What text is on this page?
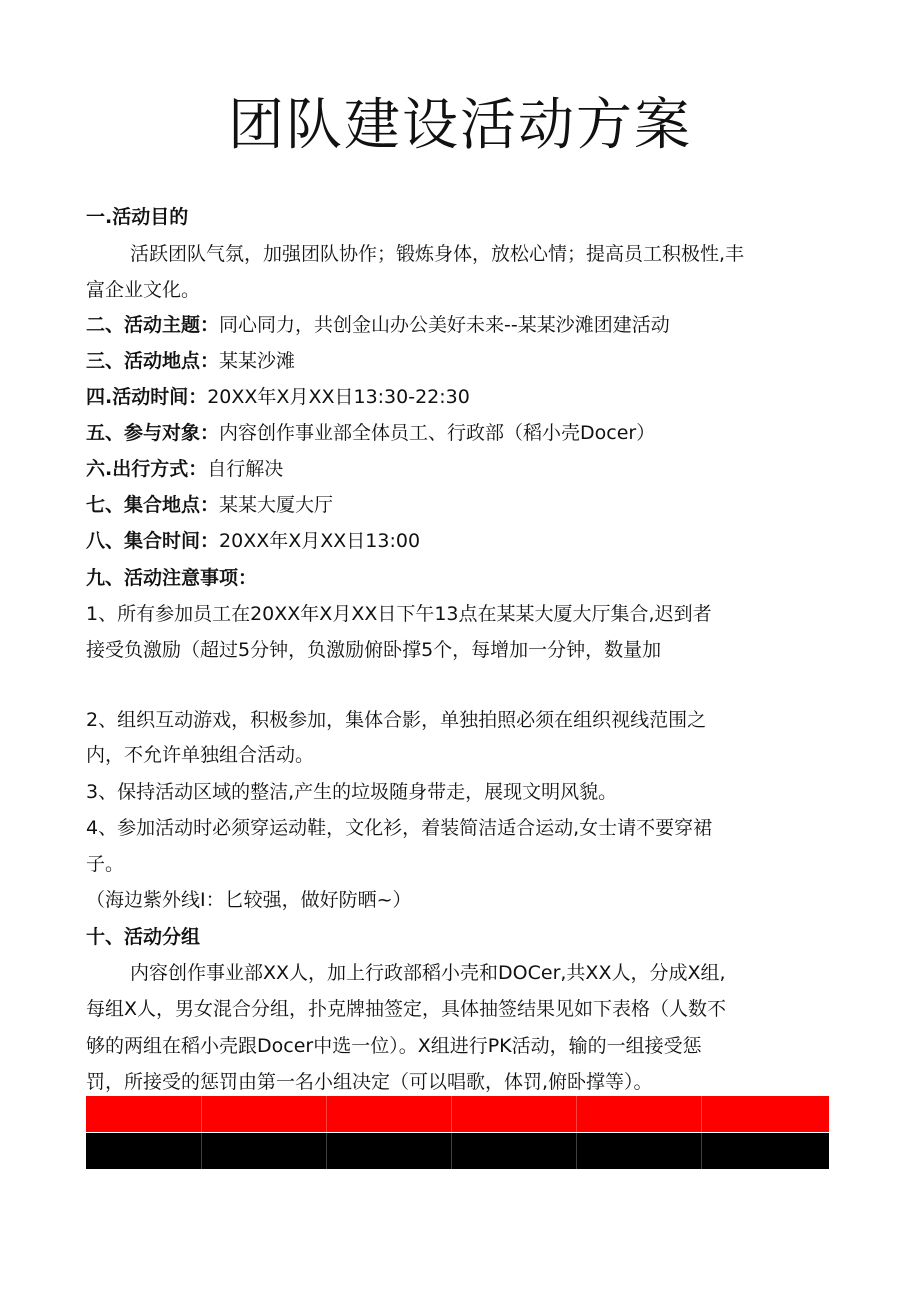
团队建设活动方案
一.活动目的
活跃团队气氛，加强团队协作；锻炼身体，放松心情；提高员工积极性,丰
富企业文化。
二、活动主题：同心同力，共创金山办公美好未来--某某沙滩团建活动
三、活动地点：某某沙滩
四.活动时间：20XX年X月XX日13:30-22:30
五、参与对象：内容创作事业部全体员工、行政部（稻小壳Docer）
六.出行方式：自行解决
七、集合地点：某某大厦大厅
八、集合时间：20XX年X月XX日13:00
九、活动注意事项：
1、所有参加员工在20XX年X月XX日下午13点在某某大厦大厅集合,迟到者
接受负激励（超过5分钟，负激励俯卧撑5个，每增加一分钟，数量加
2、组织互动游戏，积极参加，集体合影，单独拍照必须在组织视线范围之
内，不允许单独组合活动。
3、保持活动区域的整洁,产生的垃圾随身带走，展现文明风貌。
4、参加活动时必须穿运动鞋，文化衫，着装简洁适合运动,女士请不要穿裙
子。
（海边紫外线I：匕较强，做好防晒~）
十、活动分组
内容创作事业部XX人，加上行政部稻小壳和DOCer,共XX人，分成X组,
每组X人，男女混合分组，扑克牌抽签定，具体抽签结果见如下表格（人数不
够的两组在稻小壳跟Docer中选一位）。X组进行PK活动，输的一组接受惩
罚，所接受的惩罚由第一名小组决定（可以唱歌，体罚,俯卧撑等）。
